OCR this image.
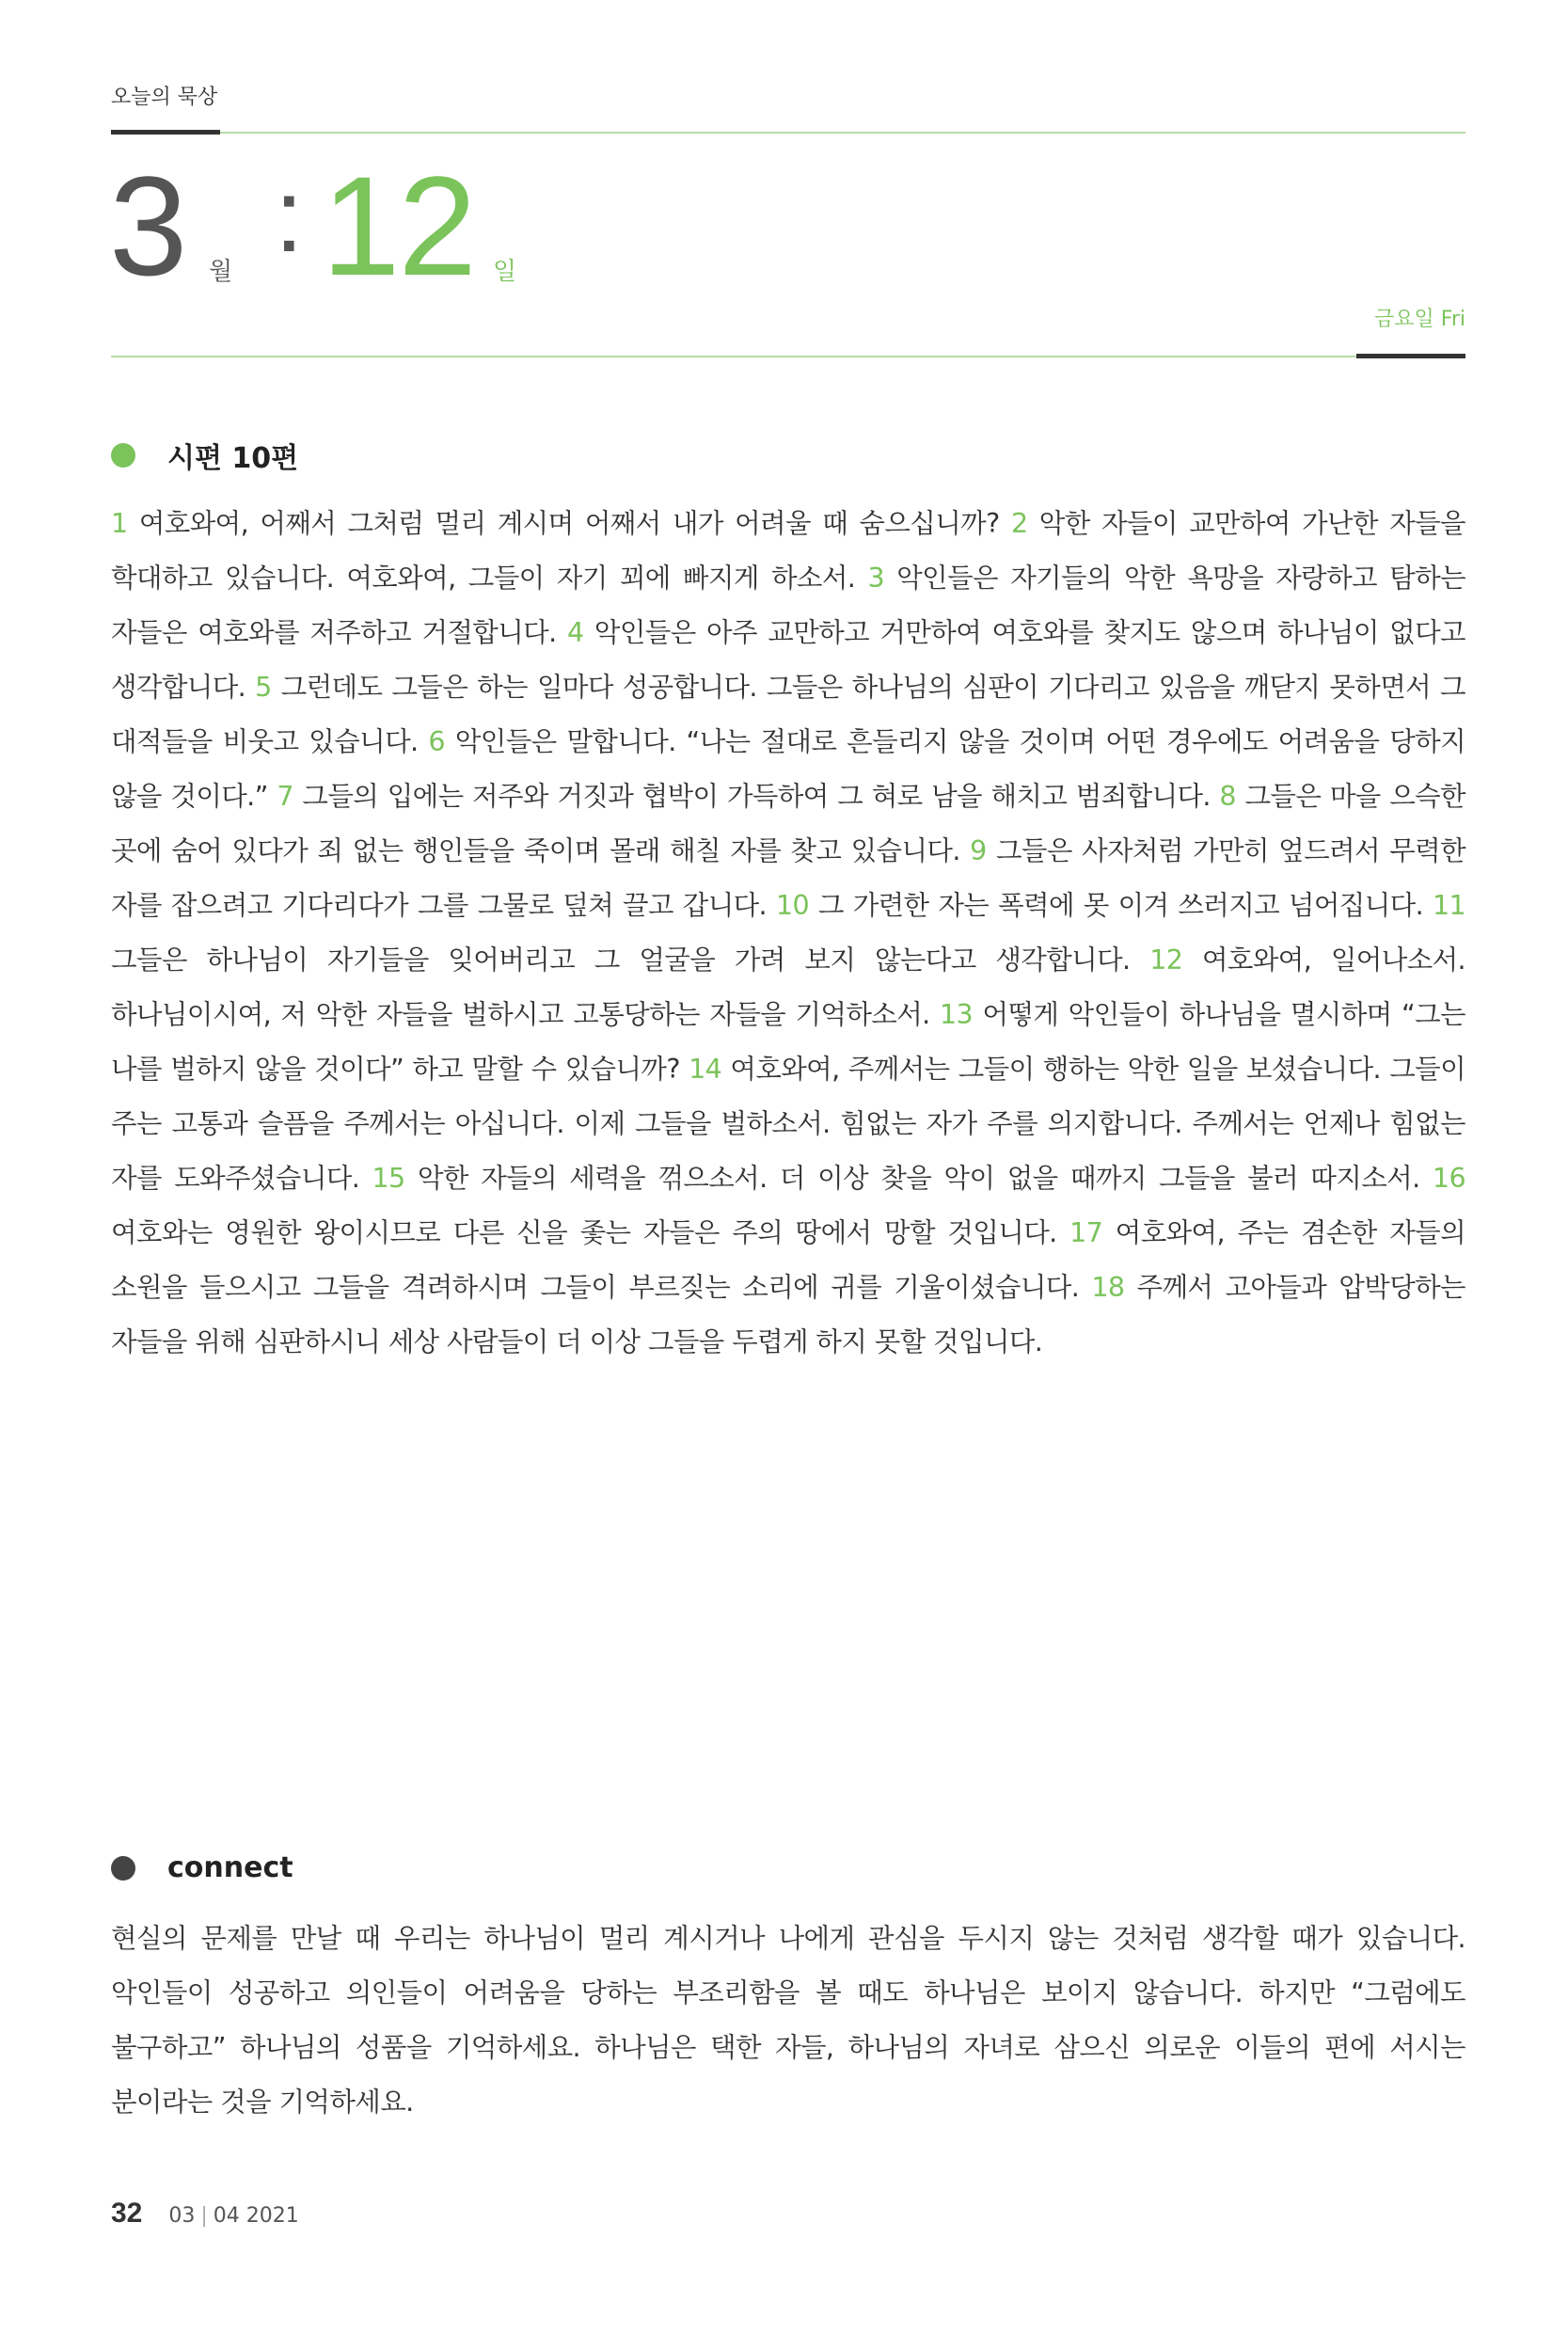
오늘의 묵상
3 월 : 12 일
금요일 Fri
시편 10편
1 여호와여, 어째서 그처럼 멀리 계시며 어째서 내가 어려울 때 숨으십니까? 2 악한 자들이 교만하여 가난한 자들을 학대하고 있습니다. 여호와여, 그들이 자기 꾀에 빠지게 하소서. 3 악인들은 자기들의 악한 욕망을 자랑하고 탐하는 자들은 여호와를 저주하고 거절합니다. 4 악인들은 아주 교만하고 거만하여 여호와를 찾지도 않으며 하나님이 없다고 생각합니다. 5 그런데도 그들은 하는 일마다 성공합니다. 그들은 하나님의 심판이 기다리고 있음을 깨닫지 못하면서 그 대적들을 비웃고 있습니다. 6 악인들은 말합니다. “나는 절대로 흔들리지 않을 것이며 어떤 경우에도 어려움을 당하지 않을 것이다.” 7 그들의 입에는 저주와 거짓과 협박이 가득하여 그 혀로 남을 해치고 범죄합니다. 8 그들은 마을 으슥한 곳에 숨어 있다가 죄 없는 행인들을 죽이며 몰래 해칠 자를 찾고 있습니다. 9 그들은 사자처럼 가만히 엎드려서 무력한 자를 잡으려고 기다리다가 그를 그물로 덮쳐 끌고 갑니다. 10 그 가련한 자는 폭력에 못 이겨 쓰러지고 넘어집니다. 11 그들은 하나님이 자기들을 잊어버리고 그 얼굴을 가려 보지 않는다고 생각합니다. 12 여호와여, 일어나소서. 하나님이시여, 저 악한 자들을 벌하시고 고통당하는 자들을 기억하소서. 13 어떻게 악인들이 하나님을 멸시하며 “그는 나를 벌하지 않을 것이다” 하고 말할 수 있습니까? 14 여호와여, 주께서는 그들이 행하는 악한 일을 보셨습니다. 그들이 주는 고통과 슬픔을 주께서는 아십니다. 이제 그들을 벌하소서. 힘없는 자가 주를 의지합니다. 주께서는 언제나 힘없는 자를 도와주셨습니다. 15 악한 자들의 세력을 꺾으소서. 더 이상 찾을 악이 없을 때까지 그들을 불러 따지소서. 16 여호와는 영원한 왕이시므로 다른 신을 좇는 자들은 주의 땅에서 망할 것입니다. 17 여호와여, 주는 겸손한 자들의 소원을 들으시고 그들을 격려하시며 그들이 부르짖는 소리에 귀를 기울이셨습니다. 18 주께서 고아들과 압박당하는 자들을 위해 심판하시니 세상 사람들이 더 이상 그들을 두렵게 하지 못할 것입니다.
connect
현실의 문제를 만날 때 우리는 하나님이 멀리 계시거나 나에게 관심을 두시지 않는 것처럼 생각할 때가 있습니다. 악인들이 성공하고 의인들이 어려움을 당하는 부조리함을 볼 때도 하나님은 보이지 않습니다. 하지만 “그럼에도 불구하고” 하나님의 성품을 기억하세요. 하나님은 택한 자들, 하나님의 자녀로 삼으신 의로운 이들의 편에 서시는 분이라는 것을 기억하세요.
32 03 | 04 2021
